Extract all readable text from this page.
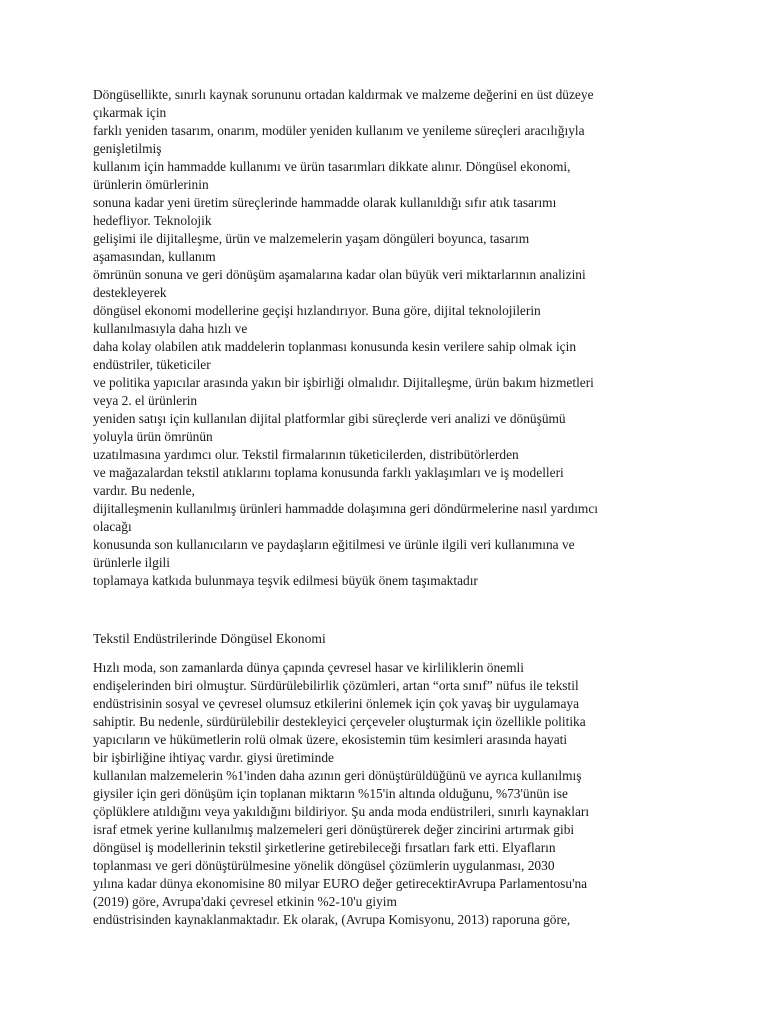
Döngüsellikte, sınırlı kaynak sorununu ortadan kaldırmak ve malzeme değerini en üst düzeye
çıkarmak için
farklı yeniden tasarım, onarım, modüler yeniden kullanım ve yenileme süreçleri aracılığıyla
genişletilmiş
kullanım için hammadde kullanımı ve ürün tasarımları dikkate alınır. Döngüsel ekonomi,
ürünlerin ömürlerinin
sonuna kadar yeni üretim süreçlerinde hammadde olarak kullanıldığı sıfır atık tasarımı
hedefliyor. Teknolojik
gelişimi ile dijitalleşme, ürün ve malzemelerin yaşam döngüleri boyunca, tasarım
aşamasından, kullanım
ömrünün sonuna ve geri dönüşüm aşamalarına kadar olan büyük veri miktarlarının analizini
destekleyerek
döngüsel ekonomi modellerine geçişi hızlandırıyor. Buna göre, dijital teknolojilerin
kullanılmasıyla daha hızlı ve
daha kolay olabilen atık maddelerin toplanması konusunda kesin verilere sahip olmak için
endüstriler, tüketiciler
ve politika yapıcılar arasında yakın bir işbirliği olmalıdır. Dijitalleşme, ürün bakım hizmetleri
veya 2. el ürünlerin
yeniden satışı için kullanılan dijital platformlar gibi süreçlerde veri analizi ve dönüşümü
yoluyla ürün ömrünün
uzatılmasına yardımcı olur. Tekstil firmalarının tüketicilerden, distribütörlerden
ve mağazalardan tekstil atıklarını toplama konusunda farklı yaklaşımları ve iş modelleri
vardır. Bu nedenle,
dijitalleşmenin kullanılmış ürünleri hammadde dolaşımına geri döndürmelerine nasıl yardımcı
olacağı
konusunda son kullanıcıların ve paydaşların eğitilmesi ve ürünle ilgili veri kullanımına ve
ürünlerle ilgili
toplamaya katkıda bulunmaya teşvik edilmesi büyük önem taşımaktadır
Tekstil Endüstrilerinde Döngüsel Ekonomi
Hızlı moda, son zamanlarda dünya çapında çevresel hasar ve kirliliklerin önemli
endişelerinden biri olmuştur. Sürdürülebilirlik çözümleri, artan “orta sınıf” nüfus ile tekstil
endüstrisinin sosyal ve çevresel olumsuz etkilerini önlemek için çok yavaş bir uygulamaya
sahiptir. Bu nedenle, sürdürülebilir destekleyici çerçeveler oluşturmak için özellikle politika
yapıcıların ve hükümetlerin rolü olmak üzere, ekosistemin tüm kesimleri arasında hayati
bir işbirliğine ihtiyaç vardır. giysi üretiminde
kullanılan malzemelerin %1'inden daha azının geri dönüştürüldüğünü ve ayrıca kullanılmış
giysiler için geri dönüşüm için toplanan miktarın %15'in altında olduğunu, %73'ünün ise
çöplüklere atıldığını veya yakıldığını bildiriyor. Şu anda moda endüstrileri, sınırlı kaynakları
israf etmek yerine kullanılmış malzemeleri geri dönüştürerek değer zincirini artırmak gibi
döngüsel iş modellerinin tekstil şirketlerine getirebileceği fırsatları fark etti. Elyafların
toplanması ve geri dönüştürülmesine yönelik döngüsel çözümlerin uygulanması, 2030
yılına kadar dünya ekonomisine 80 milyar EURO değer getirecektirAvrupa Parlamentosu'na
(2019) göre, Avrupa'daki çevresel etkinin %2-10'u giyim
endüstrisinden kaynaklanmaktadır. Ek olarak, (Avrupa Komisyonu, 2013) raporuna göre,
